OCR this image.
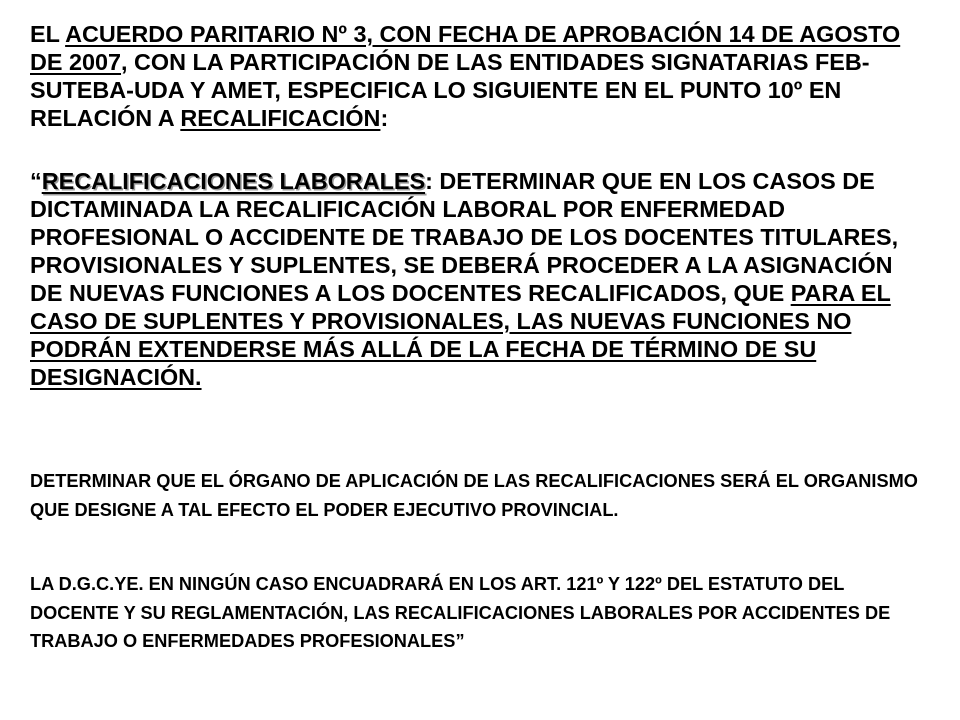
EL ACUERDO PARITARIO Nº 3, CON FECHA DE APROBACIÓN 14 DE AGOSTO DE 2007, CON LA PARTICIPACIÓN DE LAS ENTIDADES SIGNATARIAS FEB-SUTEBA-UDA Y AMET, ESPECIFICA LO SIGUIENTE EN EL PUNTO 10º EN RELACIÓN A RECALIFICACIÓN:

“RECALIFICACIONES LABORALES: DETERMINAR QUE EN LOS CASOS DE DICTAMINADA LA RECALIFICACIÓN LABORAL POR ENFERMEDAD PROFESIONAL O ACCIDENTE DE TRABAJO DE LOS DOCENTES TITULARES, PROVISIONALES Y SUPLENTES, SE DEBERÁ PROCEDER A LA ASIGNACIÓN DE NUEVAS FUNCIONES A LOS DOCENTES RECALIFICADOS, QUE PARA EL CASO DE SUPLENTES Y PROVISIONALES, LAS NUEVAS FUNCIONES NO PODRÁN EXTENDERSE MÁS ALLÁ DE LA FECHA DE TÉRMINO DE SU DESIGNACIÓN.

DETERMINAR QUE EL ÓRGANO DE APLICACIÓN DE LAS RECALIFICACIONES SERÁ EL ORGANISMO QUE DESIGNE A TAL EFECTO EL PODER EJECUTIVO PROVINCIAL.

LA D.G.C.YE. EN NINGÚN CASO ENCUADRARÁ EN LOS ART. 121º Y 122º DEL ESTATUTO DEL DOCENTE Y SU REGLAMENTACIÓN, LAS RECALIFICACIONES LABORALES POR ACCIDENTES DE TRABAJO O ENFERMEDADES PROFESIONALES”
